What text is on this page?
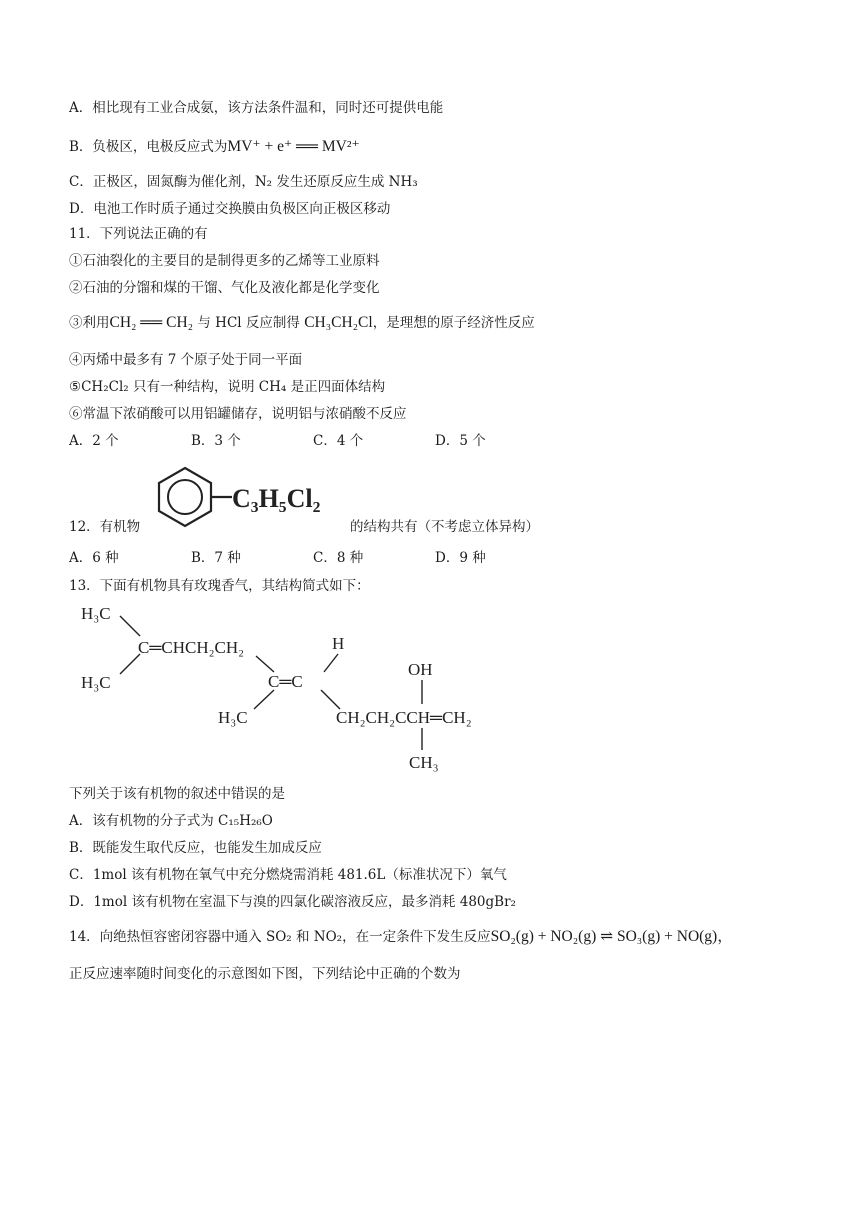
A．相比现有工业合成氨，该方法条件温和，同时还可提供电能
B．负极区，电极反应式为MV⁺ + e⁺ ══ MV²⁺
C．正极区，固氮酶为催化剂，N₂ 发生还原反应生成 NH₃
D．电池工作时质子通过交换膜由负极区向正极区移动
11．下列说法正确的有
①石油裂化的主要目的是制得更多的乙烯等工业原料
②石油的分馏和煤的干馏、气化及液化都是化学变化
③利用CH₂ ══ CH₂ 与 HCl 反应制得 CH₃CH₂Cl，是理想的原子经济性反应
④丙烯中最多有 7 个原子处于同一平面
⑤CH₂Cl₂ 只有一种结构，说明 CH₄ 是正四面体结构
⑥常温下浓硝酸可以用铝罐储存，说明铝与浓硝酸不反应
A．2 个	B．3 个	C．4 个	D．5 个
C₃H₅Cl₂
12．有机物	的结构共有（不考虑立体异构）
A．6 种	B．7 种	C．8 种	D．9 种
13．下面有机物具有玫瑰香气，其结构简式如下：
H₃C
H₃C
C═CHCH₂CH₂	H
OH
C═C
H₃C	CH₂CH₂CCH═CH₂
CH₃
下列关于该有机物的叙述中错误的是
A．该有机物的分子式为 C₁₅H₂₆O
B．既能发生取代反应，也能发生加成反应
C．1mol 该有机物在氧气中充分燃烧需消耗 481.6L（标准状况下）氧气
D．1mol 该有机物在室温下与溴的四氯化碳溶液反应，最多消耗 480gBr₂
14．向绝热恒容密闭容器中通入 SO₂ 和 NO₂，在一定条件下发生反应SO₂(g) + NO₂(g) ⇌ SO₃(g) + NO(g)，
正反应速率随时间变化的示意图如下图，下列结论中正确的个数为
